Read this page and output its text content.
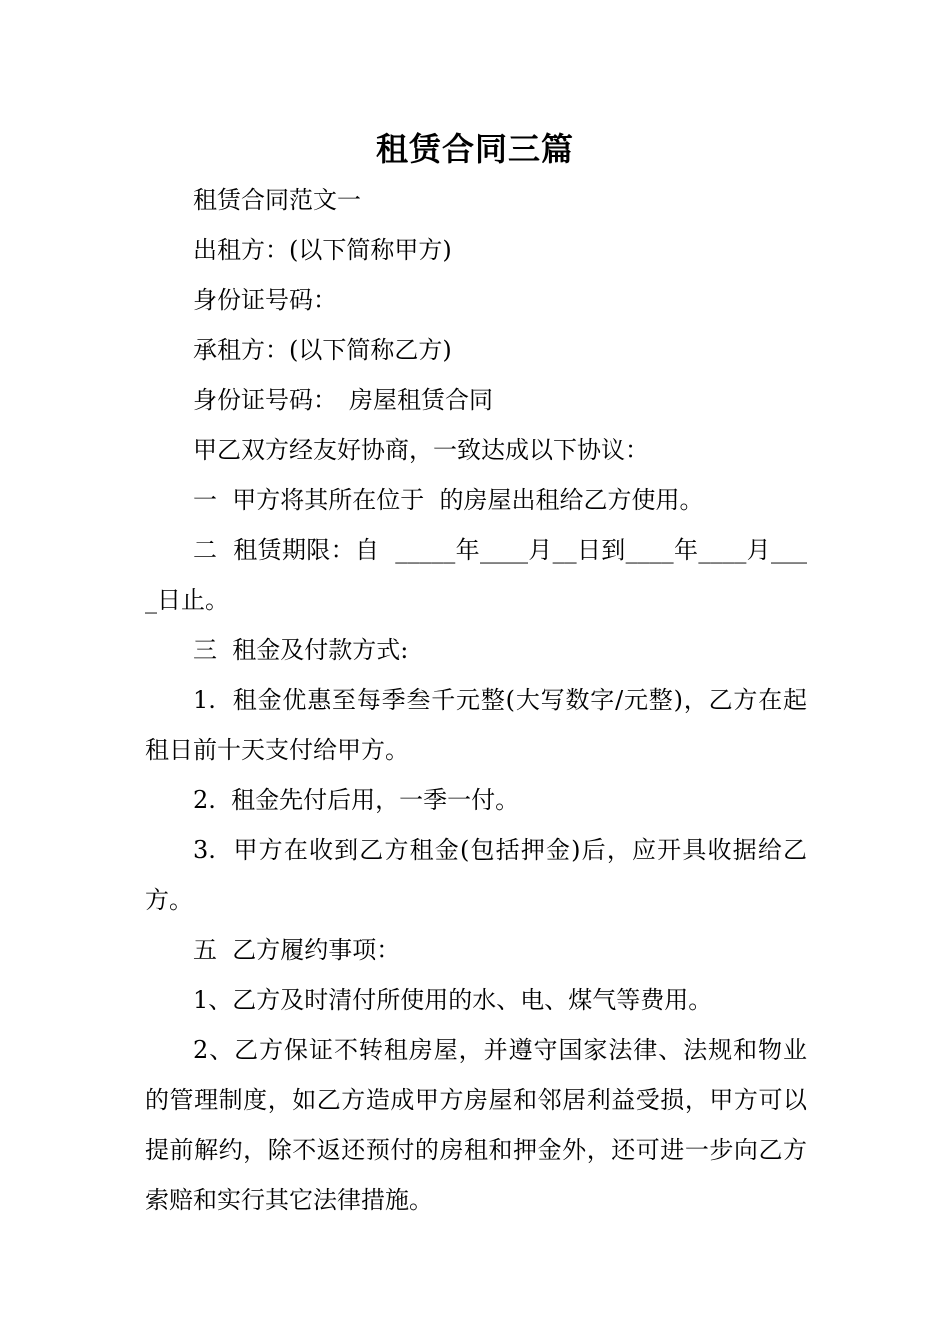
租赁合同三篇

租赁合同范文一

出租方：(以下简称甲方)

身份证号码：

承租方：(以下简称乙方)

身份证号码：　房屋租赁合同

甲乙双方经友好协商，一致达成以下协议：

一  甲方将其所在位于  的房屋出租给乙方使用。

二  租赁期限：自  _____年____月__日到____年____月____日止。

三  租金及付款方式:

1.  租金优惠至每季叁千元整(大写数字/元整)，乙方在起租日前十天支付给甲方。

2.  租金先付后用，一季一付。

3.  甲方在收到乙方租金(包括押金)后，应开具收据给乙方。

五  乙方履约事项：

1、乙方及时清付所使用的水、电、煤气等费用。

2、乙方保证不转租房屋，并遵守国家法律、法规和物业的管理制度，如乙方造成甲方房屋和邻居利益受损，甲方可以提前解约，除不返还预付的房租和押金外，还可进一步向乙方索赔和实行其它法律措施。
